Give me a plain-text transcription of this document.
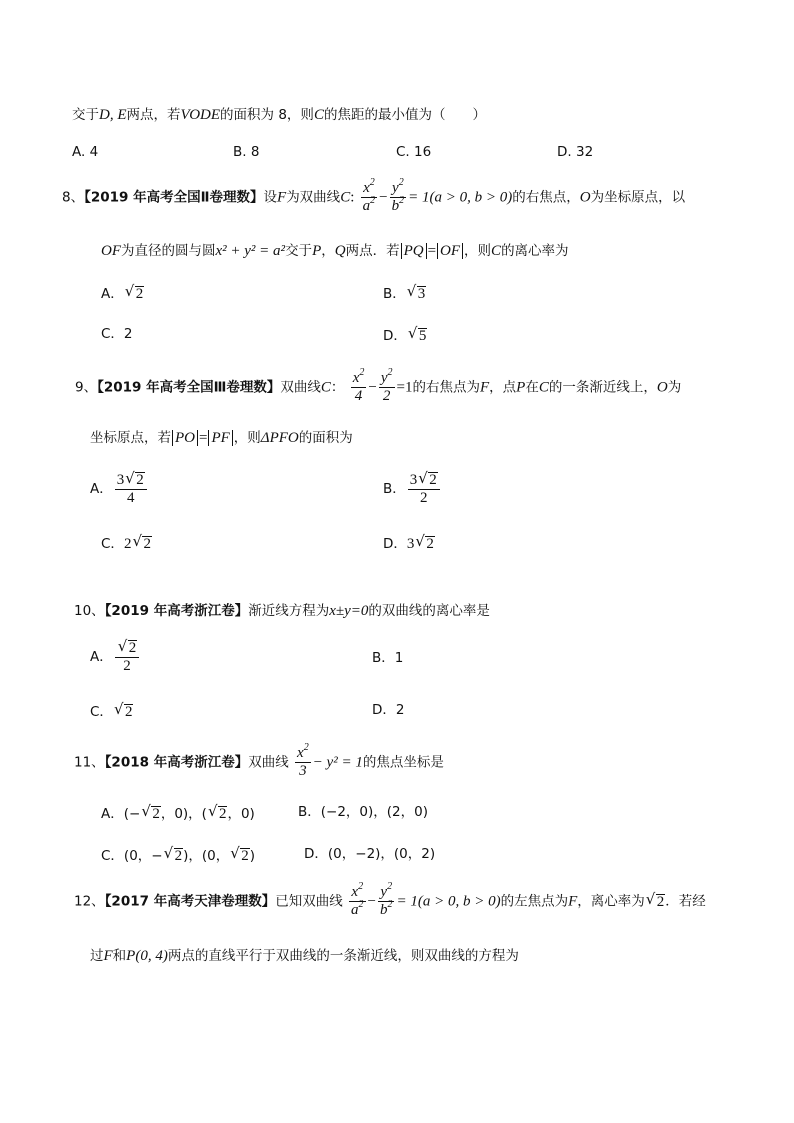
交于D, E两点，若VODE的面积为 8，则C的焦距的最小值为（　　）
A. 4	B. 8	C. 16	D. 32
8、【2019 年高考全国Ⅱ卷理数】设F为双曲线C: $\frac{x^2}{a^2} - \frac{y^2}{b^2} = 1(a > 0$, b > 0)的右焦点，O为坐标原点，以
OF为直径的圆与圆x² + y² = a²交于P，Q两点．若 PQ = OF ，则C的离心率为
A． √ 2	B． √ 3
C．2	D． √ 5
9、【2019 年高考全国Ⅲ卷理数】双曲线C： $\frac{x^2}{4} - \frac{y^2}{2} =1$的右焦点为F，点P在C的一条渐近线上，O为
坐标原点，若 PO = PF ，则ΔPFO的面积为
A． $\frac{3 √ 2}{4}$	B． $\frac{3 √ 2}{2}$
C．2 √ 2	D．3 √ 2
10、【2019 年高考浙江卷】渐近线方程为x±y=0的双曲线的离心率是
A． √ $\frac{2}{2}$	B．1
C． √ 2	D．2
11、【2018 年高考浙江卷】双曲线 $\frac{x^2}{3} - y^2 = 1$的焦点坐标是
A．(− √ 2，0)，( √ 2，0)	B．(−2，0)，(2，0)
C．(0，− √ 2)，(0， √ 2)	D．(0，−2)，(0，2)
12、【2017 年高考天津卷理数】已知双曲线 $\frac{x^2}{a^2} - \frac{y^2}{b^2} = 1(a > 0$, b > 0)的左焦点为F，离心率为 √ 2．若经
过F和P(0, 4)两点的直线平行于双曲线的一条渐近线，则双曲线的方程为
